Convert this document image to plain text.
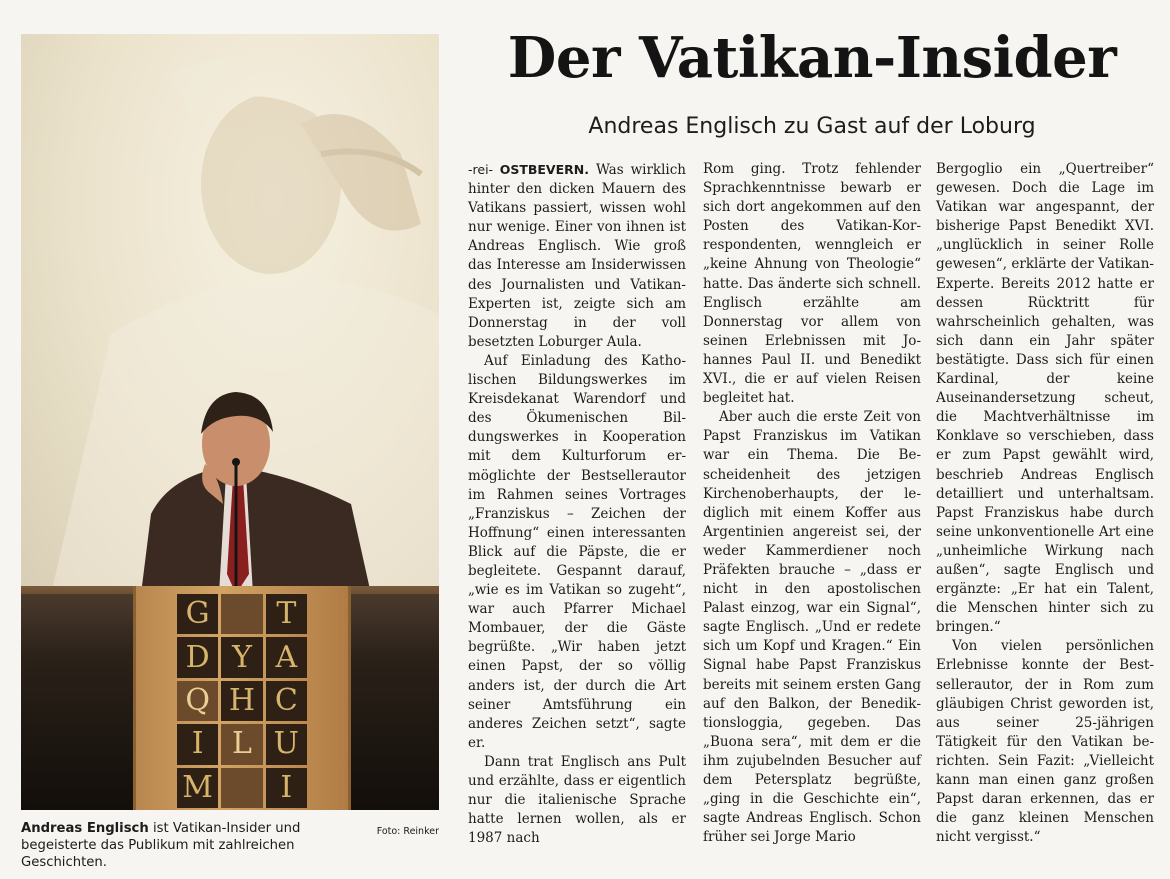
G	T
D Y A
Q H C
I L U
M	I
Foto: Reinker
Andreas Englisch ist Vatikan-Insider und begeisterte das Publikum mit zahlreichen Geschichten.
Der Vatikan-Insider
Andreas Englisch zu Gast auf der Loburg

-rei- OSTBEVERN. Was wirklich hinter den dicken Mauern des Vatikans passiert, wissen wohl nur wenige. Einer von ihnen ist Andreas Englisch. Wie groß das Interesse am Insiderwissen des Journalisten und Vatikan-Experten ist, zeigte sich am Donnerstag in der voll besetzten Loburger Aula.

Auf Einladung des Katholischen Bildungswerkes im Kreisdekanat Warendorf und des Ökumenischen Bildungswerkes in Kooperation mit dem Kulturforum ermöglichte der Bestsellerautor im Rahmen seines Vortrages „Franziskus – Zeichen der Hoffnung“ einen interessanten Blick auf die Päpste, die er begleitete. Gespannt darauf, „wie es im Vatikan so zugeht“, war auch Pfarrer Michael Mombauer, der die Gäste begrüßte. „Wir haben jetzt einen Papst, der so völlig anders ist, der durch die Art seiner Amtsführung ein anderes Zeichen setzt“, sagte er.

Dann trat Englisch ans Pult und erzählte, dass er eigentlich nur die italienische Sprache hatte lernen wollen, als er 1987 nach

Rom ging. Trotz fehlender Sprachkenntnisse bewarb er sich dort angekommen auf den Posten des Vatikan-Korrespondenten, wenngleich er „keine Ahnung von Theologie“ hatte. Das änderte sich schnell. Englisch erzählte am Donnerstag vor allem von seinen Erlebnissen mit Johannes Paul II. und Benedikt XVI., die er auf vielen Reisen begleitet hat.

Aber auch die erste Zeit von Papst Franziskus im Vatikan war ein Thema. Die Bescheidenheit des jetzigen Kirchenoberhaupts, der lediglich mit einem Koffer aus Argentinien angereist sei, der weder Kammerdiener noch Präfekten brauche – „dass er nicht in den apostolischen Palast einzog, war ein Signal“, sagte Englisch. „Und er redete sich um Kopf und Kragen.“ Ein Signal habe Papst Franziskus bereits mit seinem ersten Gang auf den Balkon, der Benediktionsloggia, gegeben. Das „Buona sera“, mit dem er die ihm zujubelnden Besucher auf dem Petersplatz begrüßte, „ging in die Geschichte ein“, sagte Andreas Englisch. Schon früher sei Jorge Mario

Bergoglio ein „Quertreiber“ gewesen. Doch die Lage im Vatikan war angespannt, der bisherige Papst Benedikt XVI. „unglücklich in seiner Rolle gewesen“, erklärte der Vatikan-Experte. Bereits 2012 hatte er dessen Rücktritt für wahrscheinlich gehalten, was sich dann ein Jahr später bestätigte. Dass sich für einen Kardinal, der keine Auseinandersetzung scheut, die Machtverhältnisse im Konklave so verschieben, dass er zum Papst gewählt wird, beschrieb Andreas Englisch detailliert und unterhaltsam. Papst Franziskus habe durch seine unkonventionelle Art eine „unheimliche Wirkung nach außen“, sagte Englisch und ergänzte: „Er hat ein Talent, die Menschen hinter sich zu bringen.“

Von vielen persönlichen Erlebnisse konnte der Bestsellerautor, der in Rom zum gläubigen Christ geworden ist, aus seiner 25-jährigen Tätigkeit für den Vatikan berichten. Sein Fazit: „Vielleicht kann man einen ganz großen Papst daran erkennen, das er die ganz kleinen Menschen nicht vergisst.“
